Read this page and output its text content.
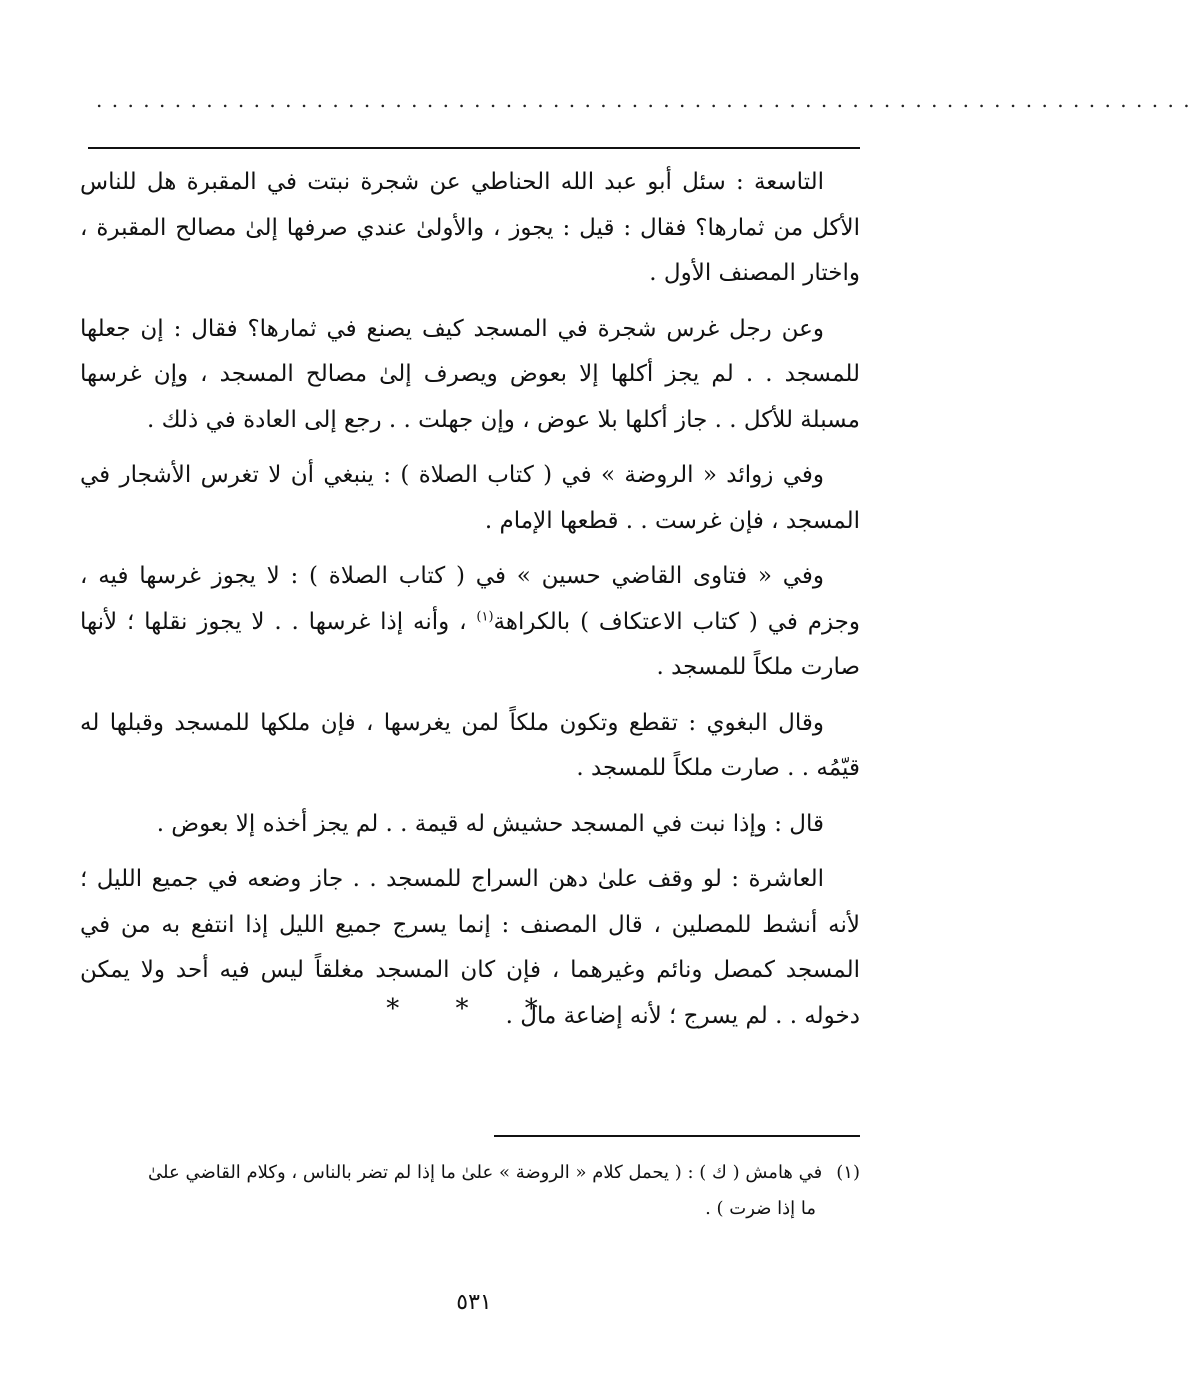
......................................................................

التاسعة : سئل أبو عبد الله الحناطي عن شجرة نبتت في المقبرة هل للناس الأكل من ثمارها؟ فقال : قيل : يجوز ، والأولىٰ عندي صرفها إلىٰ مصالح المقبرة ، واختار المصنف الأول .

وعن رجل غرس شجرة في المسجد كيف يصنع في ثمارها؟ فقال : إن جعلها للمسجد . . لم يجز أكلها إلا بعوض ويصرف إلىٰ مصالح المسجد ، وإن غرسها مسبلة للأكل . . جاز أكلها بلا عوض ، وإن جهلت . . رجع إلى العادة في ذلك .

وفي زوائد « الروضة » في ( كتاب الصلاة ) : ينبغي أن لا تغرس الأشجار في المسجد ، فإن غرست . . قطعها الإمام .

وفي « فتاوى القاضي حسين » في ( كتاب الصلاة ) : لا يجوز غرسها فيه ، وجزم في ( كتاب الاعتكاف ) بالكراهة$^{(١)}$ ، وأنه إذا غرسها . . لا يجوز نقلها ؛ لأنها صارت ملكاً للمسجد .

وقال البغوي : تقطع وتكون ملكاً لمن يغرسها ، فإن ملكها للمسجد وقبلها له قيّمُه . . صارت ملكاً للمسجد .

قال : وإذا نبت في المسجد حشيش له قيمة . . لم يجز أخذه إلا بعوض .

العاشرة : لو وقف علىٰ دهن السراج للمسجد . . جاز وضعه في جميع الليل ؛ لأنه أنشط للمصلين ، قال المصنف : إنما يسرج جميع الليل إذا انتفع به من في المسجد كمصل ونائم وغيرهما ، فإن كان المسجد مغلقاً ليس فيه أحد ولا يمكن دخوله . . لم يسرج ؛ لأنه إضاعة مال .

* * *
(١)في هامش ( ك ) : ( يحمل كلام « الروضة » علىٰ ما إذا لم تضر بالناس ، وكلام القاضي علىٰ
ما إذا ضرت ) .
٥٣١
